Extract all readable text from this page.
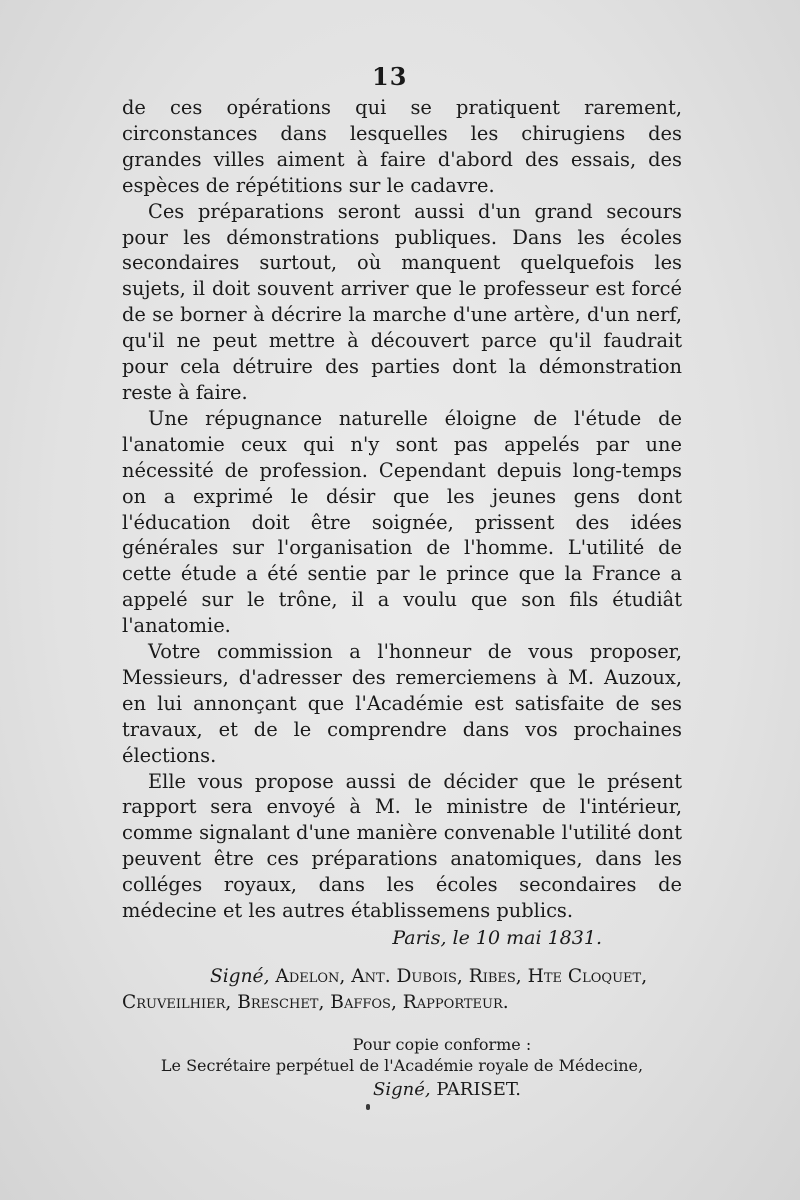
13

de ces opérations qui se pratiquent rarement, circonstances dans lesquelles les chirugiens des grandes villes aiment à faire d'abord des essais, des espèces de répétitions sur le cadavre.

Ces préparations seront aussi d'un grand secours pour les démonstrations publiques. Dans les écoles secondaires surtout, où manquent quelquefois les sujets, il doit souvent arriver que le professeur est forcé de se borner à décrire la marche d'une artère, d'un nerf, qu'il ne peut mettre à découvert parce qu'il faudrait pour cela détruire des parties dont la démonstration reste à faire.

Une répugnance naturelle éloigne de l'étude de l'anatomie ceux qui n'y sont pas appelés par une nécessité de profession. Cependant depuis long-temps on a exprimé le désir que les jeunes gens dont l'éducation doit être soignée, prissent des idées générales sur l'organisation de l'homme. L'utilité de cette étude a été sentie par le prince que la France a appelé sur le trône, il a voulu que son fils étudiât l'anatomie.

Votre commission a l'honneur de vous proposer, Messieurs, d'adresser des remerciemens à M. Auzoux, en lui annonçant que l'Académie est satisfaite de ses travaux, et de le comprendre dans vos prochaines élections.

Elle vous propose aussi de décider que le présent rapport sera envoyé à M. le ministre de l'intérieur, comme signalant d'une manière convenable l'utilité dont peuvent être ces préparations anatomiques, dans les colléges royaux, dans les écoles secondaires de médecine et les autres établissemens publics.

Paris, le 10 mai 1831.

Signé, Adelon, Ant. Dubois, Ribes, Hte Cloquet,

Cruveilhier, Breschet, Baffos, Rapporteur.

Pour copie conforme :
Le Secrétaire perpétuel de l'Académie royale de Médecine,
Signé, PARISET.
